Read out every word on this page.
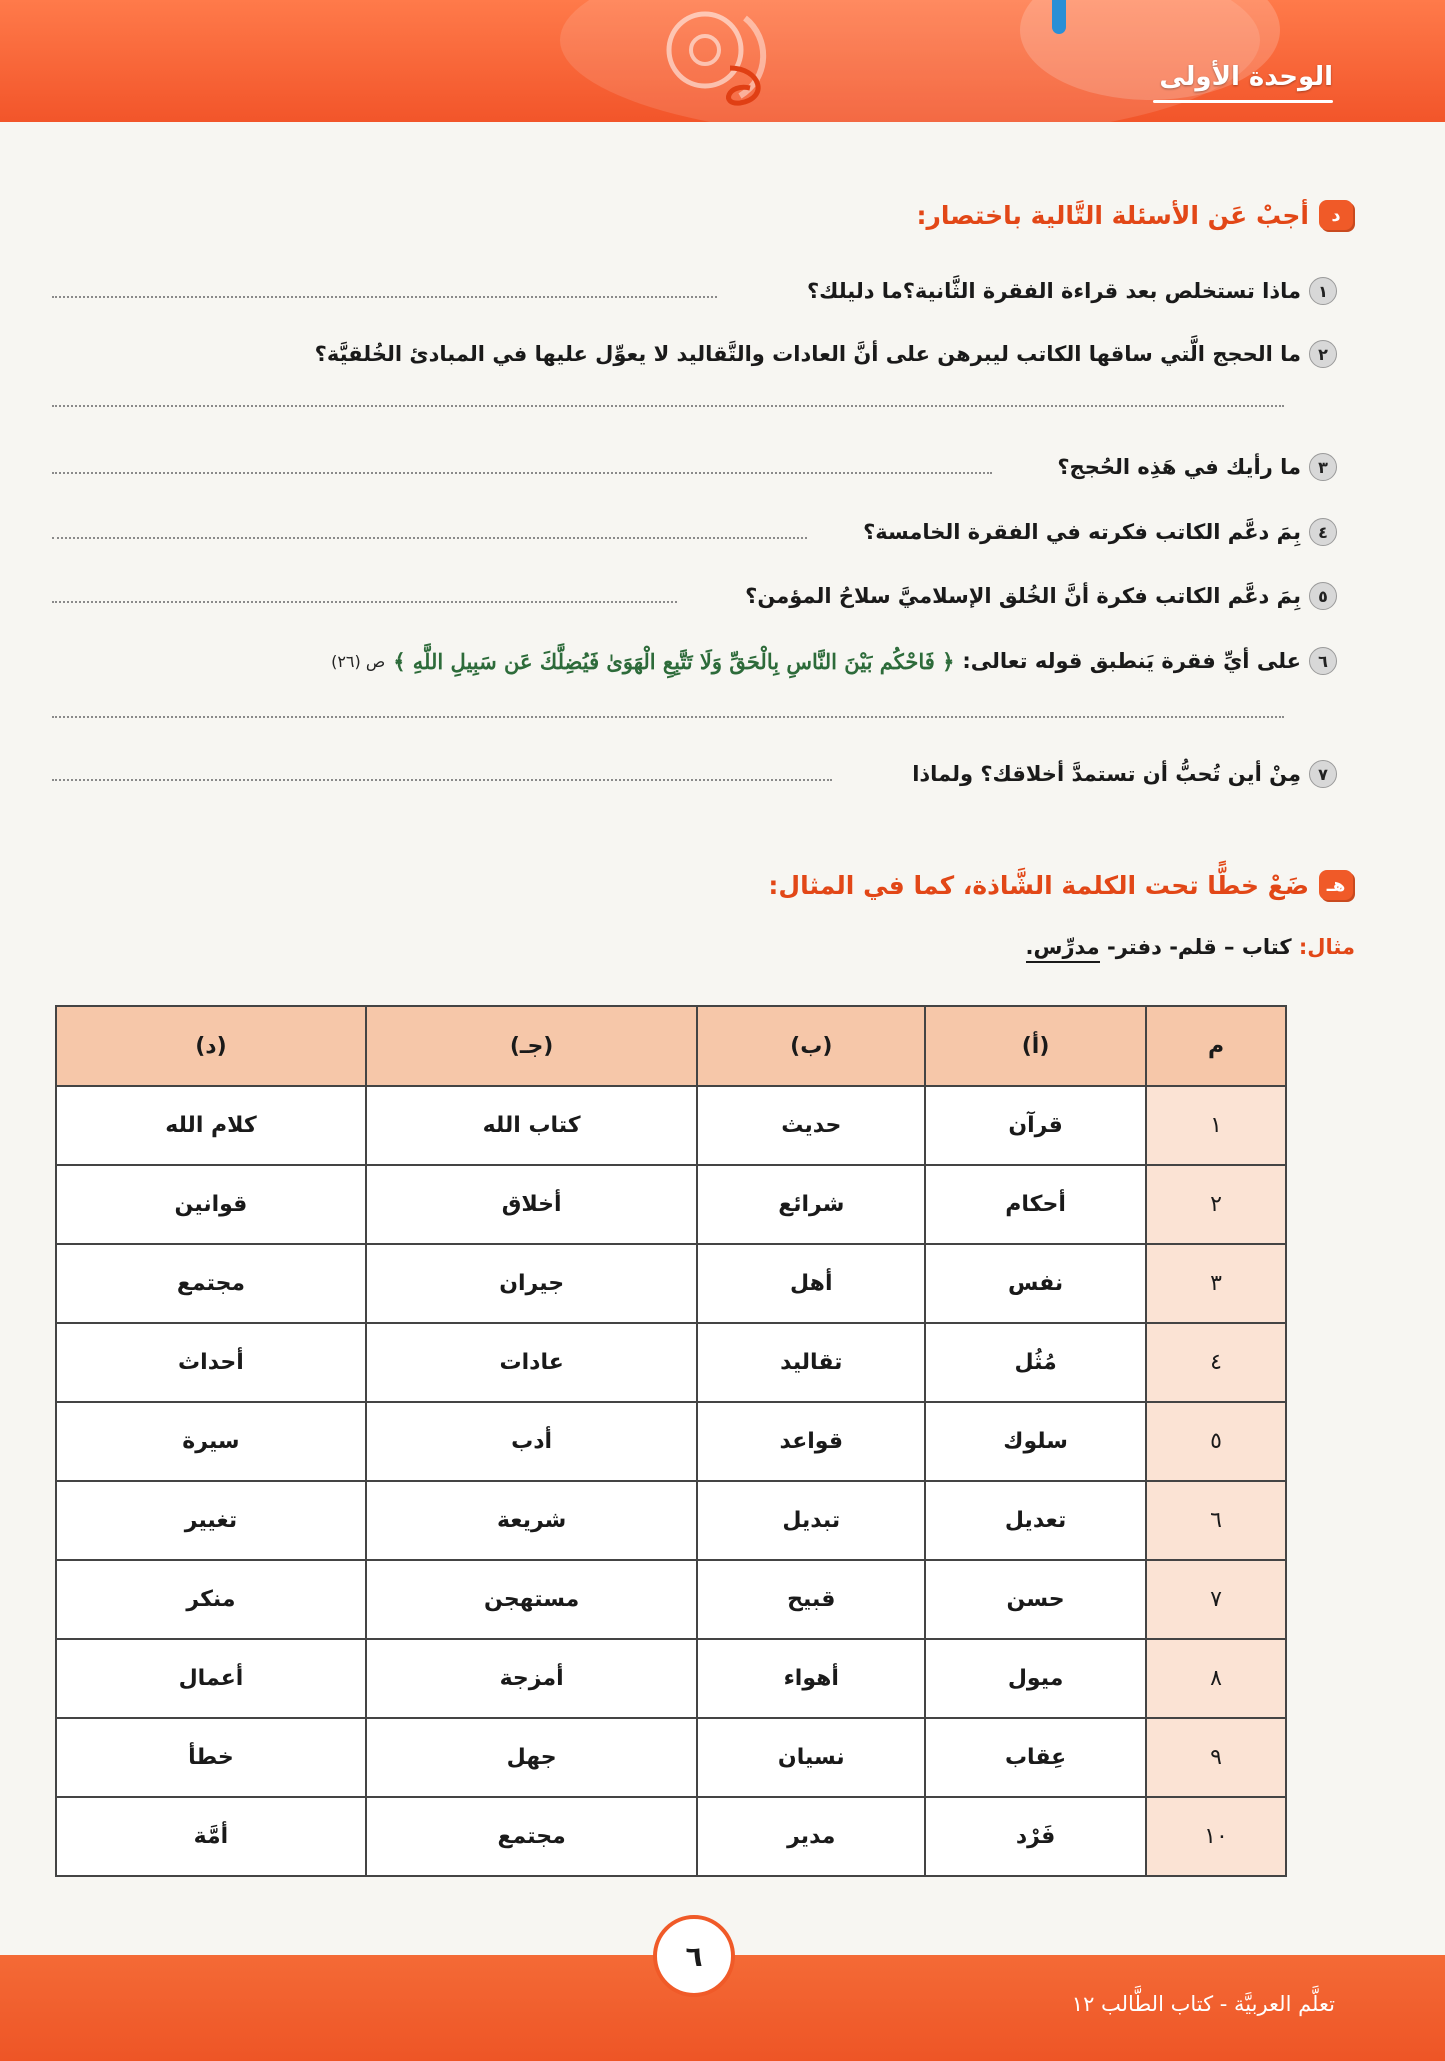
الوحدة الأولى
د
أجبْ عَن الأسئلة التَّالية باختصار:
١
ماذا تستخلص بعد قراءة الفقرة الثَّانية؟ما دليلك؟
٢
ما الحجج الَّتي ساقها الكاتب ليبرهن على أنَّ العادات والتَّقاليد لا يعوِّل عليها في المبادئ الخُلقيَّة؟
٣
ما رأيك في هَذِه الحُجج؟
٤
بِمَ دعَّم الكاتب فكرته في الفقرة الخامسة؟
٥
بِمَ دعَّم الكاتب فكرة أنَّ الخُلق الإسلاميَّ سلاحُ المؤمن؟
٦
على أيِّ فقرة يَنطبق قوله تعالى:
﴿ فَاحْكُم بَيْنَ النَّاسِ بِالْحَقِّ وَلَا تَتَّبِعِ الْهَوَىٰ فَيُضِلَّكَ عَن سَبِيلِ اللَّهِ ﴾
ص (٢٦)
٧
مِنْ أين تُحبُّ أن تستمدَّ أخلاقك؟ ولماذا
هـ
ضَعْ خطًّا تحت الكلمة الشَّاذة، كما في المثال:
مثال: كتاب – قلم- دفتر- مدرِّس.
م	(أ)	(ب)	(جـ)	(د)
١	قرآن	حديث	كتاب الله	كلام الله
٢	أحكام	شرائع	أخلاق	قوانين
٣	نفس	أهل	جيران	مجتمع
٤	مُثُل	تقاليد	عادات	أحداث
٥	سلوك	قواعد	أدب	سيرة
٦	تعديل	تبديل	شريعة	تغيير
٧	حسن	قبيح	مستهجن	منكر
٨	ميول	أهواء	أمزجة	أعمال
٩	عِقاب	نسيان	جهل	خطأ
١٠	فَرْد	مدير	مجتمع	أمَّة
٦
تعلَّم العربيَّة - كتاب الطَّالب ١٢
